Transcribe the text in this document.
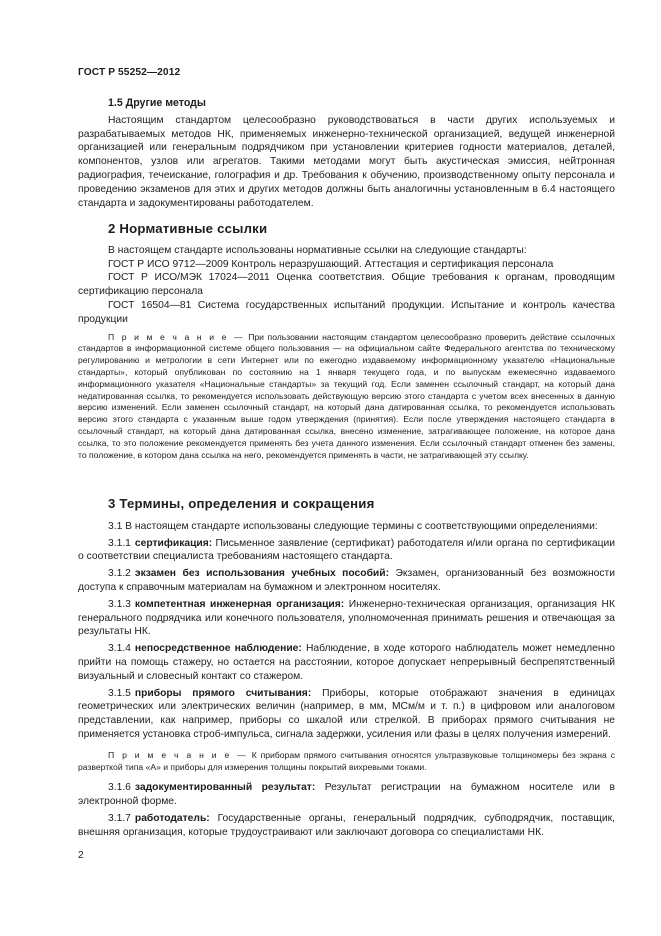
ГОСТ Р 55252—2012

1.5 Другие методы

Настоящим стандартом целесообразно руководствоваться в части других используемых и разрабатываемых методов НК, применяемых инженерно-технической организацией, ведущей инженерной организацией или генеральным подрядчиком при установлении критериев годности материалов, деталей, компонентов, узлов или агрегатов. Такими методами могут быть акустическая эмиссия, нейтронная радиография, течеискание, голография и др. Требования к обучению, производственному опыту персонала и проведению экзаменов для этих и других методов должны быть аналогичны установленным в 6.4 настоящего стандарта и задокументированы работодателем.

2 Нормативные ссылки

В настоящем стандарте использованы нормативные ссылки на следующие стандарты:

ГОСТ Р ИСО 9712—2009 Контроль неразрушающий. Аттестация и сертификация персонала

ГОСТ Р ИСО/МЭК 17024—2011 Оценка соответствия. Общие требования к органам, проводящим сертификацию персонала

ГОСТ 16504—81 Система государственных испытаний продукции. Испытание и контроль качества продукции

П р и м е ч а н и е — При пользовании настоящим стандартом целесообразно проверить действие ссылочных стандартов в информационной системе общего пользования — на официальном сайте Федерального агентства по техническому регулированию и метрологии в сети Интернет или по ежегодно издаваемому информационному указателю «Национальные стандарты», который опубликован по состоянию на 1 января текущего года, и по выпускам ежемесячно издаваемого информационного указателя «Национальные стандарты» за текущий год. Если заменен ссылочный стандарт, на который дана недатированная ссылка, то рекомендуется использовать действующую версию этого стандарта с учетом всех внесенных в данную версию изменений. Если заменен ссылочный стандарт, на который дана датированная ссылка, то рекомендуется использовать версию этого стандарта с указанным выше годом утверждения (принятия). Если после утверждения настоящего стандарта в ссылочный стандарт, на который дана датированная ссылка, внесено изменение, затрагивающее положение, на которое дана ссылка, то это положение рекомендуется применять без учета данного изменения. Если ссылочный стандарт отменен без замены, то положение, в котором дана ссылка на него, рекомендуется применять в части, не затрагивающей эту ссылку.

3 Термины, определения и сокращения

3.1 В настоящем стандарте использованы следующие термины с соответствующими определениями:

3.1.1 сертификация: Письменное заявление (сертификат) работодателя и/или органа по сертификации о соответствии специалиста требованиям настоящего стандарта.

3.1.2 экзамен без использования учебных пособий: Экзамен, организованный без возможности доступа к справочным материалам на бумажном и электронном носителях.

3.1.3 компетентная инженерная организация: Инженерно-техническая организация, организация НК генерального подрядчика или конечного пользователя, уполномоченная принимать решения и отвечающая за результаты НК.

3.1.4 непосредственное наблюдение: Наблюдение, в ходе которого наблюдатель может немедленно прийти на помощь стажеру, но остается на расстоянии, которое допускает непрерывный беспрепятственный визуальный и словесный контакт со стажером.

3.1.5 приборы прямого считывания: Приборы, которые отображают значения в единицах геометрических или электрических величин (например, в мм, МСм/м и т. п.) в цифровом или аналоговом представлении, как например, приборы со шкалой или стрелкой. В приборах прямого считывания не применяется установка строб-импульса, сигнала задержки, усиления или фазы в целях получения измерений.

П р и м е ч а н и е — К приборам прямого считывания относятся ультразвуковые толщиномеры без экрана с разверткой типа «А» и приборы для измерения толщины покрытий вихревыми токами.

3.1.6 задокументированный результат: Результат регистрации на бумажном носителе или в электронной форме.

3.1.7 работодатель: Государственные органы, генеральный подрядчик, субподрядчик, поставщик, внешняя организация, которые трудоустраивают или заключают договора со специалистами НК.

2
